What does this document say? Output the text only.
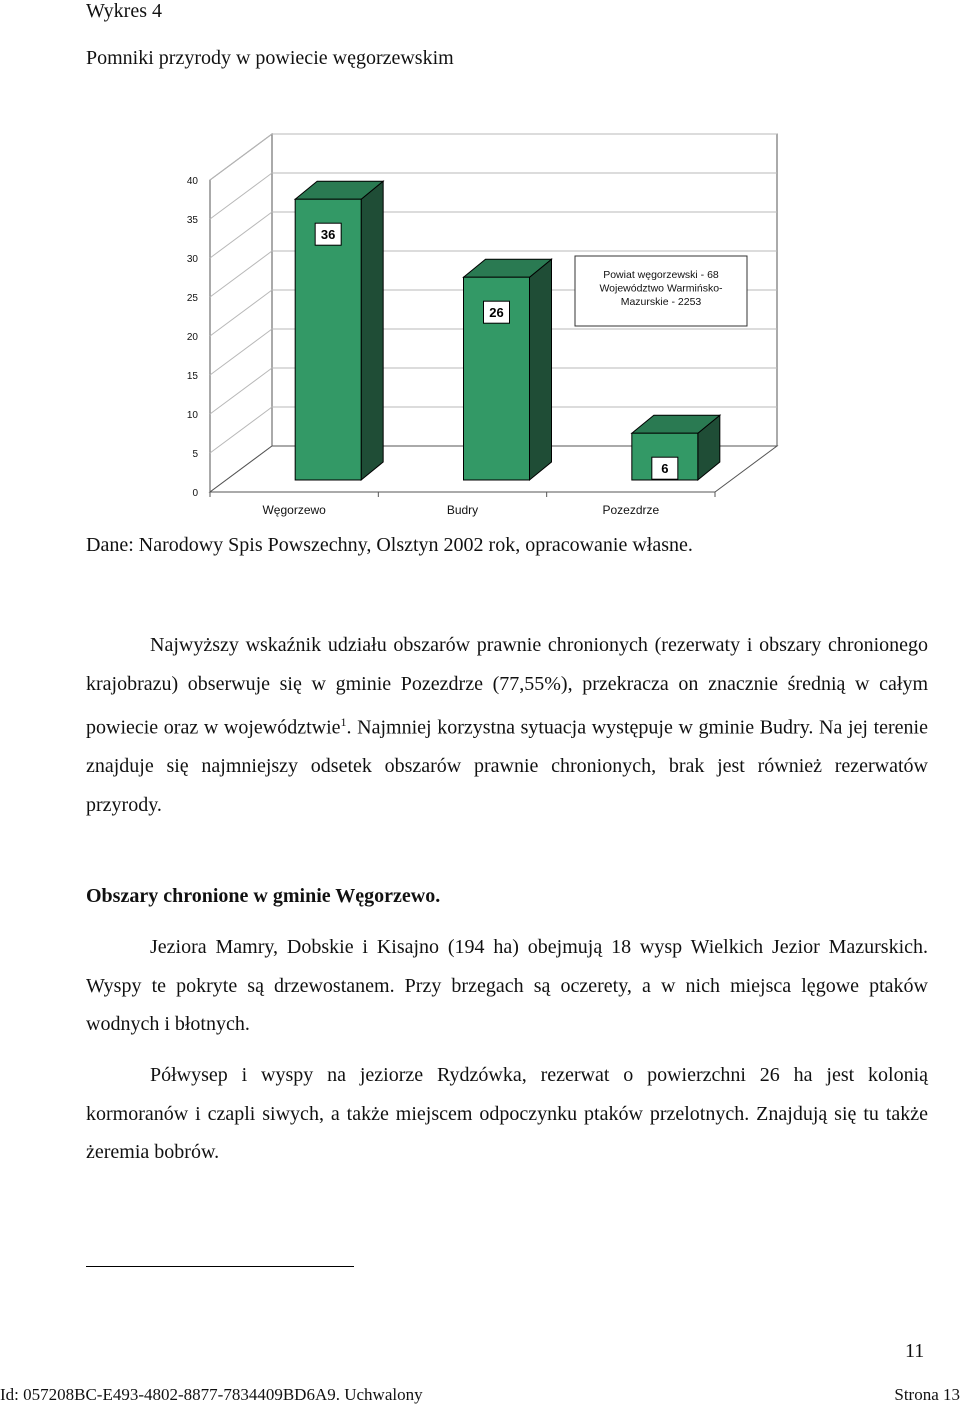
Wykres 4
Pomniki przyrody w powiecie węgorzewskim
0
5
10
15
20
25
30
35
40
36
Węgorzewo
26
Budry
6
Pozezdrze
Powiat węgorzewski - 68
Województwo Warmińsko-
Mazurskie - 2253
Dane: Narodowy Spis Powszechny, Olsztyn 2002 rok, opracowanie własne.

Najwyższy wskaźnik udziału obszarów prawnie chronionych (rezerwaty i obszary chronionego krajobrazu) obserwuje się w gminie Pozezdrze (77,55%), przekracza on znacznie średnią w całym powiecie oraz w województwie$^1$. Najmniej korzystna sytuacja występuje w gminie Budry. Na jej terenie znajduje się najmniejszy odsetek obszarów prawnie chronionych, brak jest również rezerwatów przyrody.

Obszary chronione w gminie Węgorzewo.

Jeziora Mamry, Dobskie i Kisajno (194 ha) obejmują 18 wysp Wielkich Jezior Mazurskich. Wyspy te pokryte są drzewostanem. Przy brzegach są oczerety, a w nich miejsca lęgowe ptaków wodnych i błotnych.

Półwysep i wyspy na jeziorze Rydzówka, rezerwat o powierzchni 26 ha jest kolonią kormoranów i czapli siwych, a także miejscem odpoczynku ptaków przelotnych. Znajdują się tu także żeremia bobrów.

11
Id: 057208BC-E493-4802-8877-7834409BD6A9. Uchwalony	Strona 13
